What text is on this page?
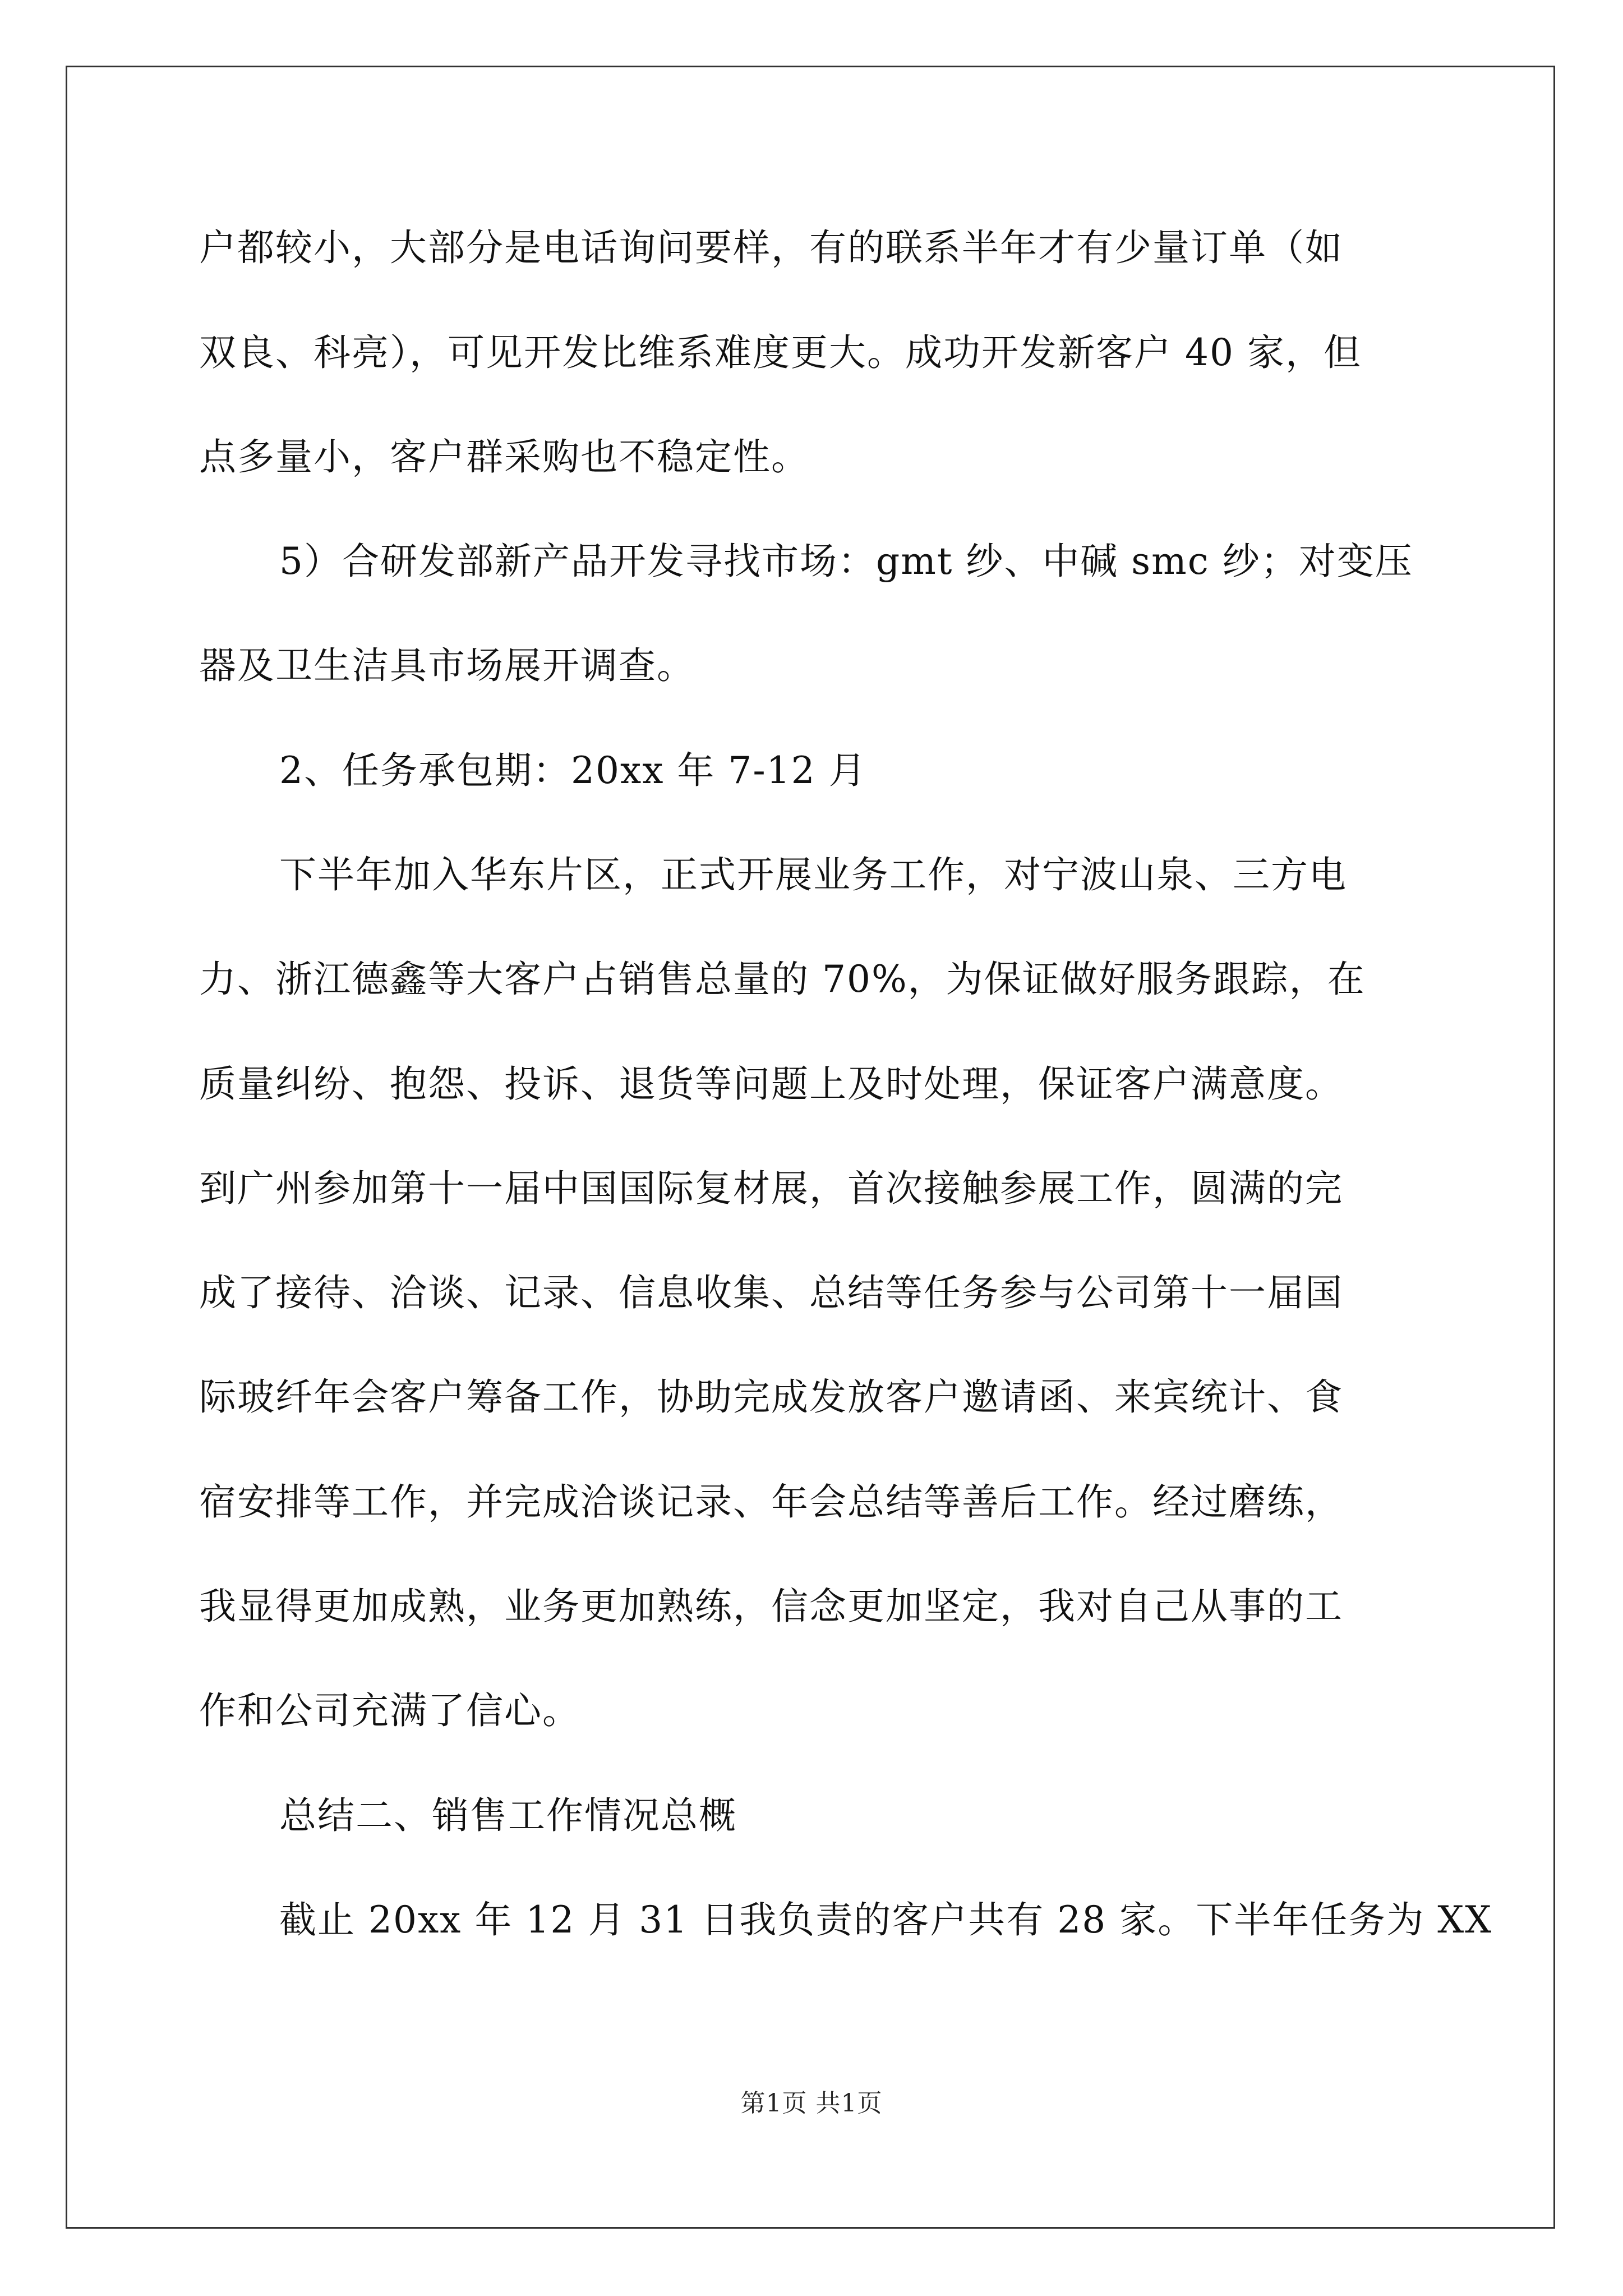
户都较小，大部分是电话询问要样，有的联系半年才有少量订单（如
双良、科亮），可见开发比维系难度更大。成功开发新客户 40 家，但
点多量小，客户群采购也不稳定性。
5）合研发部新产品开发寻找市场：gmt 纱、中碱 smc 纱；对变压
器及卫生洁具市场展开调查。
2、任务承包期：20xx 年 7-12 月
下半年加入华东片区，正式开展业务工作，对宁波山泉、三方电
力、浙江德鑫等大客户占销售总量的 70%，为保证做好服务跟踪，在
质量纠纷、抱怨、投诉、退货等问题上及时处理，保证客户满意度。
到广州参加第十一届中国国际复材展，首次接触参展工作，圆满的完
成了接待、洽谈、记录、信息收集、总结等任务参与公司第十一届国
际玻纤年会客户筹备工作，协助完成发放客户邀请函、来宾统计、食
宿安排等工作，并完成洽谈记录、年会总结等善后工作。经过磨练，
我显得更加成熟，业务更加熟练，信念更加坚定，我对自己从事的工
作和公司充满了信心。
总结二、销售工作情况总概
截止 20xx 年 12 月 31 日我负责的客户共有 28 家。下半年任务为 XX
第1页 共1页
